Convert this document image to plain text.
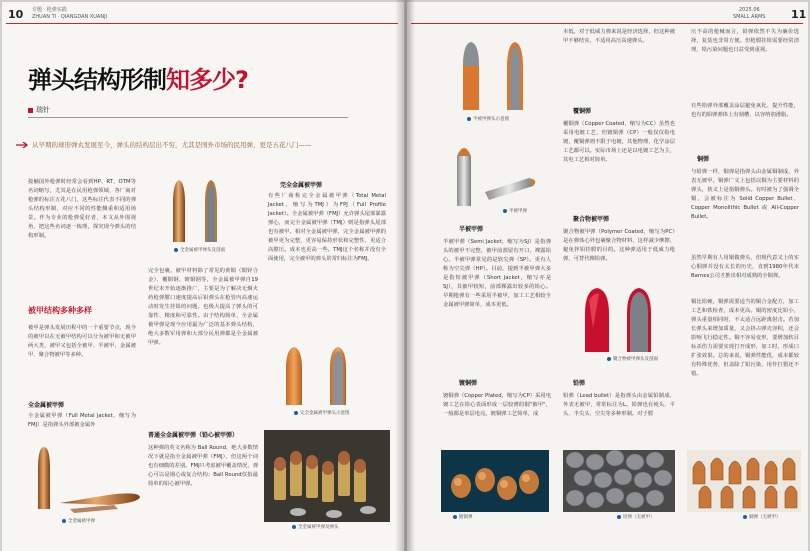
10 专题 · 枪弹实践
ZHUAN TI · QIANGDAN XUANJI
弹头结构形制知多少?
瑞针
从早期的球形弹丸发展至今，弹头的结构层出不穷，尤其是国外市场的民用弹，更是五花八门——
接触国外枪弹时经常会看到HP、RT、OTM等名词缩写，尤其是在民用枪弹领域，各厂商对枪弹的标注五花八门，这些标注代表不同的弹头结构形制，对应不同的性能侧重和适用场景。作为专业的枪弹爱好者，本文从外围视角，把这些名词逐一梳理，探究现今弹头的结构形制。
被甲结构多种多样
被甲是弹头发展历程中的一个重要节点，现今的被甲以在无被甲结构可以分为被甲和无被甲两大类，被甲又包括全被甲、半被甲、金属被甲、聚合物被甲等多种。
全金属被甲弹
全金属被甲弹（Full Metal Jacket，缩写为FMJ）是指弹头外部被金属外
全金属被甲弹
全金属被甲弹头及剖面
完全包裹。被甲材料除了常见的黄铜（铜锌合金）、覆铜钢、镀铜钢等，全金属被甲弹自19世纪末开始逐渐推广，主要是为了解决无烟火药枪弹膛口速度提高后铅弹头在枪管内高速运动时发生挂铅的问题，也极大提高了弹头的可靠性、精度和可靠性。由于结构简单、全金属被甲弹是现今应用最为广泛的基本弹头结构，绝大多数军用弹和大部分民用弹都是全金属被甲弹。
普通全金属被甲弹（铅心被甲弹）
这种弹的英文名称为 Ball Round，绝大多数情况下就是指全金属被甲弹（FMJ），但这两个词也有细微的差别。FMJ只考虑被甲覆盖情况，弹心可以是钢心或复合结构；Ball Round仅指最简单的铅心被甲弹。
完全金属被甲弹
有些厂商称完全金属被甲弹（Total Metal Jacket，缩写为TMJ）为FPJ（Full Profile Jacket）。全金属被甲弹（FMJ）允许弹头尾部暴露弹心，而完全金属被甲弹（TMJ）则是指弹头尾部也有被甲。相对全金属被甲弹，完全金属被甲弹的被甲更为完整，更容易保持形状和完整性，更适合高膛压。成本也更高一些。TMJ这个名称并没有全面使用，完全被甲的弹头常常归标注为FMJ。
完全金属被甲弹头示意图
全金属被甲弹及弹头
11
2025.06
SMALL ARMS
半被甲弹头示意图
半被甲弹
半被甲弹
半被甲弹（Semi Jacket，缩写为SJ）是指弹头的被甲不完整，被甲前部留有开口，裸露铅心。半被甲弹常见的是软尖弹（SP）。更有人称为空尖弹（HP）。目前，提到半被甲弹大多是指短被甲弹（Short Jacket，缩写亦是SJ），其被甲较短，前部裸露出较多的铅心。早期枪弹有一些采用半被甲，加工工艺相较全金属被甲弹简单，成本更低。
镀铜弹
镀铜弹（Copper Plated，缩写为CP）采用电镀工艺在铅心表面形成一层较薄的铜"被甲"，一般都是单层电亮。镀铜弹工艺简单，成
镀铜弹
本低，对于低威力弹来说是经济选择，但这种被甲不够结实，不适用高压高速弹头。
覆铜弹
覆铜弹（Copper Coated，缩写为CC）虽然也采用电镀工艺，但镀铜弹（CP）一般仅仅指电镀，覆铜弹则不限于电镀，其他物理、化学涂层工艺都可以。实际市场上还是以电镀工艺为主，其电工艺相对简单。
聚合物被甲弹
聚合物被甲弹（Polymer Coated，缩写为PC）是在弹体心外包裹聚合物材料，这样减少摩擦，避免抨铅挂膛的目的。这种弹适用于低威力枪弹，可替代裸铅弹。
聚合物被甲弹头及剖面
铅弹
铅弹（Lead bullet）是指弹头由金属铅制成，外表无被甲，常常标注为L。铅弹也有钝头、平头、半尖头、空尖等多种形制。对于膛
铅弹（无被甲）
压不高的枪械而言，铅弹依然不失为廉价选择，复装也非常方便。但枪膛挂铅需要经常清理，铅污染问题也日益受到重视。
有些铅弹外部覆盖涂层避免氧化、提升性能，也有的铅弹弹体上有刻槽，以容纳润滑脂。
铜弹
与铅弹一样，铜弹是指弹头由金属铜制成，外表无被甲。铜弹广义上包括以铜为主要材料的弹头，狭义上是指铜弹头。有时被为了强调全铜，会被标注为 Solid Copper Bullet、Copper Monolithic Bullet 或 All-Copper Bullet。
虽然早期有人用铜做弹头，但现代意义上的实心铜弹并没有太长的历史，直到1980年代末 Barnes公司才推出相对成熟的全铜弹。
铜比铅硬，铜弹需要适当的铜合金配方，加工工艺和铁检查，成本更高。铜的密度比铅小，弹头重量相同时，不太适合远距离射击。若加长弹头来增加质量，又会挤占弹壳容积，还会影响飞行稳定性。铜不容易变形，要增加软目标杀伤力需要实现打开成形，加工时，形成口扩张效果。总的来说，铜弹性能优，成本都较有特殊优势，但盖除了铅污染，用作打猎还不错。
铜弹（无被甲）
